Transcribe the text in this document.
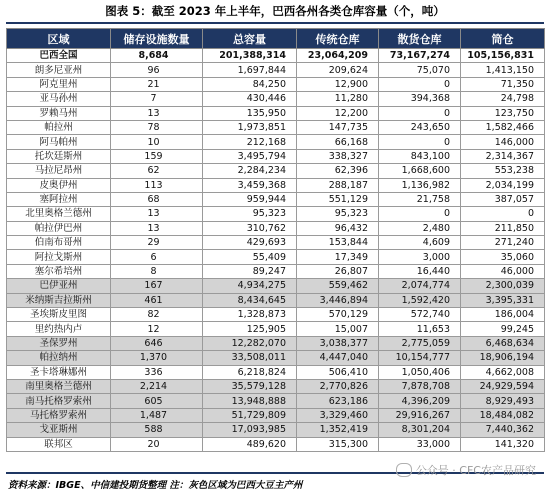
图表 5：截至 2023 年上半年，巴西各州各类仓库容量（个，吨）
区域	储存设施数量	总容量	传统仓库	散货仓库	筒仓
巴西全国	8,684	201,388,314	23,064,209	73,167,274	105,156,831
朗多尼亚州	96	1,697,844	209,624	75,070	1,413,150
阿克里州	21	84,250	12,900	0	71,350
亚马孙州	7	430,446	11,280	394,368	24,798
罗赖马州	13	135,950	12,200	0	123,750
帕拉州	78	1,973,851	147,735	243,650	1,582,466
阿马帕州	10	212,168	66,168	0	146,000
托坎廷斯州	159	3,495,794	338,327	843,100	2,314,367
马拉尼昂州	62	2,284,234	62,396	1,668,600	553,238
皮奥伊州	113	3,459,368	288,187	1,136,982	2,034,199
塞阿拉州	68	959,944	551,129	21,758	387,057
北里奥格兰德州	13	95,323	95,323	0	0
帕拉伊巴州	13	310,762	96,432	2,480	211,850
伯南布哥州	29	429,693	153,844	4,609	271,240
阿拉戈斯州	6	55,409	17,349	3,000	35,060
塞尔希培州	8	89,247	26,807	16,440	46,000
巴伊亚州	167	4,934,275	559,462	2,074,774	2,300,039
米纳斯吉拉斯州	461	8,434,645	3,446,894	1,592,420	3,395,331
圣埃斯皮里图	82	1,328,873	570,129	572,740	186,004
里约热内卢	12	125,905	15,007	11,653	99,245
圣保罗州	646	12,282,070	3,038,377	2,775,059	6,468,634
帕拉纳州	1,370	33,508,011	4,447,040	10,154,777	18,906,194
圣卡塔琳娜州	336	6,218,824	506,410	1,050,406	4,662,008
南里奥格兰德州	2,214	35,579,128	2,770,826	7,878,708	24,929,594
南马托格罗索州	605	13,948,888	623,186	4,396,209	8,929,493
马托格罗索州	1,487	51,729,809	3,329,460	29,916,267	18,484,082
戈亚斯州	588	17,093,985	1,352,419	8,301,204	7,440,362
联邦区	20	489,620	315,300	33,000	141,320
资料来源：IBGE、中信建投期货整理 注：灰色区域为巴西大豆主产州
公众号 · CFC农产品研究
